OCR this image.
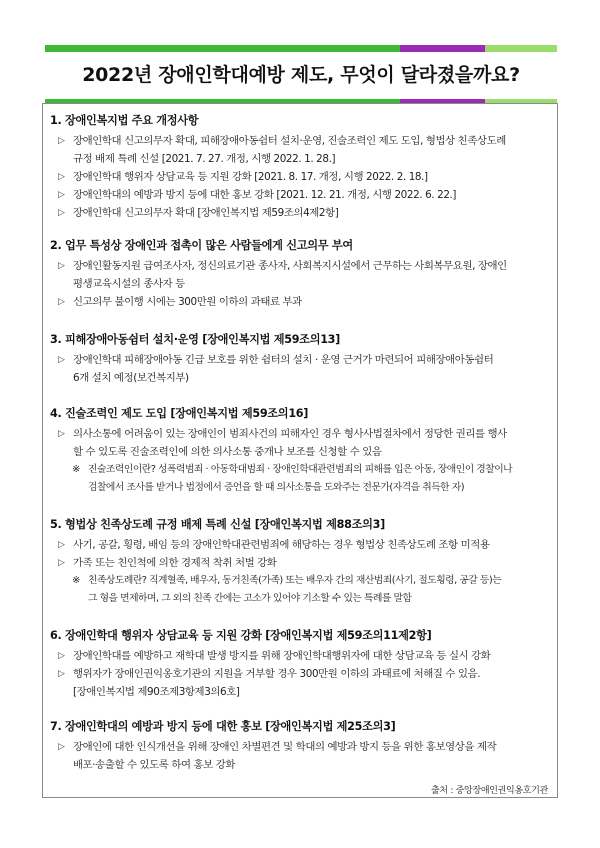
2022년 장애인학대예방 제도, 무엇이 달라졌을까요?
1. 장애인복지법 주요 개정사항
▷ 장애인학대 신고의무자 확대, 피해장애아동쉼터 설치·운영, 진술조력인 제도 도입, 형법상 친족상도례
규정 배제 특례 신설 [2021. 7. 27. 개정, 시행 2022. 1. 28.]
▷ 장애인학대 행위자 상담교육 등 지원 강화 [2021. 8. 17. 개정, 시행 2022. 2. 18.]
▷ 장애인학대의 예방과 방지 등에 대한 홍보 강화 [2021. 12. 21. 개정, 시행 2022. 6. 22.]
▷ 장애인학대 신고의무자 확대 [장애인복지법 제59조의4제2항]
2. 업무 특성상 장애인과 접촉이 많은 사람들에게 신고의무 부여
▷ 장애인활동지원 급여조사자, 정신의료기관 종사자, 사회복지시설에서 근무하는 사회복무요원, 장애인
평생교육시설의 종사자 등
▷ 신고의무 불이행 시에는 300만원 이하의 과태료 부과
3. 피해장애아동쉼터 설치·운영 [장애인복지법 제59조의13]
▷ 장애인학대 피해장애아동 긴급 보호를 위한 쉼터의 설치 · 운영 근거가 마련되어 피해장애아동쉼터
6개 설치 예정(보건복지부)
4. 진술조력인 제도 도입 [장애인복지법 제59조의16]
▷ 의사소통에 어려움이 있는 장애인이 범죄사건의 피해자인 경우 형사사법절차에서 정당한 권리를 행사
할 수 있도록 진술조력인에 의한 의사소통 중개나 보조를 신청할 수 있음
※ 진술조력인이란? 성폭력범죄 · 아동학대범죄 · 장애인학대관련범죄의 피해를 입은 아동, 장애인이 경찰이나
검찰에서 조사를 받거나 법정에서 증언을 할 때 의사소통을 도와주는 전문가(자격을 취득한 자)
5. 형법상 친족상도례 규정 배제 특례 신설 [장애인복지법 제88조의3]
▷ 사기, 공갈, 횡령, 배임 등의 장애인학대관련범죄에 해당하는 경우 형법상 친족상도례 조항 미적용
▷ 가족 또는 친인척에 의한 경제적 착취 처벌 강화
※ 친족상도례란? 직계혈족, 배우자, 동거친족(가족) 또는 배우자 간의 재산범죄(사기, 절도횡령, 공갈 등)는
그 형을 면제하며, 그 외의 친족 간에는 고소가 있어야 기소할 수 있는 특례를 말함
6. 장애인학대 행위자 상담교육 등 지원 강화 [장애인복지법 제59조의11제2항]
▷ 장애인학대를 예방하고 재학대 발생 방지를 위해 장애인학대행위자에 대한 상담교육 등 실시 강화
▷ 행위자가 장애인권익옹호기관의 지원을 거부할 경우 300만원 이하의 과태료에 처해질 수 있음.
[장애인복지법 제90조제3항제3의6호]
7. 장애인학대의 예방과 방지 등에 대한 홍보 [장애인복지법 제25조의3]
▷ 장애인에 대한 인식개선을 위해 장애인 차별편견 및 학대의 예방과 방지 등을 위한 홍보영상을 제작
배포·송출할 수 있도록 하여 홍보 강화
출처 : 중앙장애인권익옹호기관
